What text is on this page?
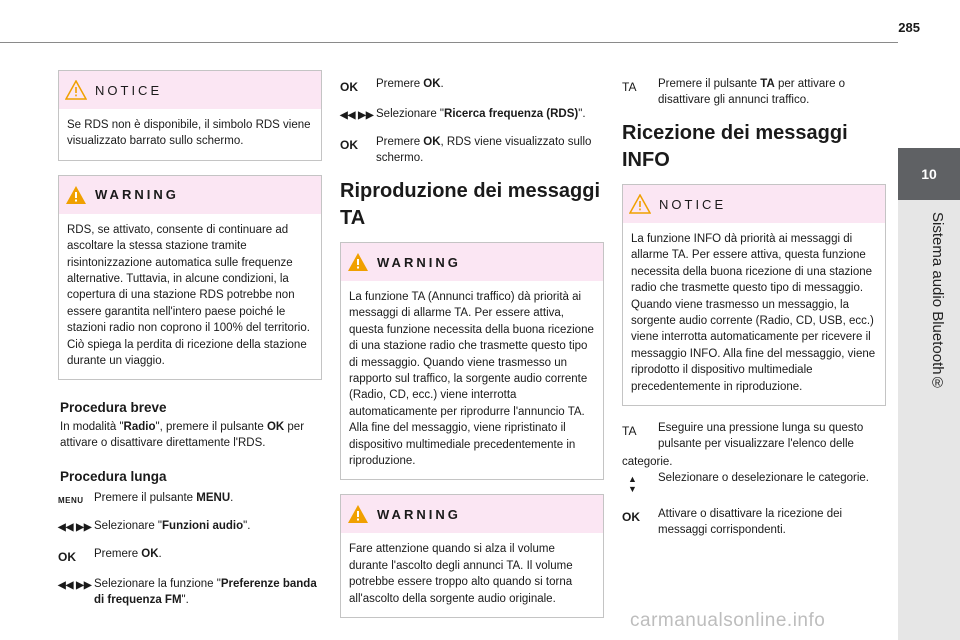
285
10
Sistema audio Bluetooth®
NOTICE
Se RDS non è disponibile, il simbolo RDS viene visualizzato barrato sullo schermo.
WARNING
RDS, se attivato, consente di continuare ad ascoltare la stessa stazione tramite risintonizzazione automatica sulle frequenze alternative. Tuttavia, in alcune condizioni, la copertura di una stazione RDS potrebbe non essere garantita nell'intero paese poiché le stazioni radio non coprono il 100% del territorio. Ciò spiega la perdita di ricezione della stazione durante un viaggio.
Procedura breve

In modalità "Radio", premere il pulsante OK per attivare o disattivare direttamente l'RDS.

Procedura lunga
MENU Premere il pulsante MENU.
◀◀ ▶▶ Selezionare "Funzioni audio".
OK	Premere OK.
◀◀ ▶▶ Selezionare la funzione "Preferenze banda di frequenza FM".
OK	Premere OK.
◀◀ ▶▶ Selezionare "Ricerca frequenza (RDS)".
OK	Premere OK, RDS viene visualizzato sullo schermo.
Riproduzione dei messaggi TA
WARNING
La funzione TA (Annunci traffico) dà priorità ai messaggi di allarme TA. Per essere attiva, questa funzione necessita della buona ricezione di una stazione radio che trasmette questo tipo di messaggio. Quando viene trasmesso un rapporto sul traffico, la sorgente audio corrente (Radio, CD, ecc.) viene interrotta automaticamente per riprodurre l'annuncio TA. Alla fine del messaggio, viene ripristinato il dispositivo multimediale precedentemente in riproduzione.
WARNING
Fare attenzione quando si alza il volume durante l'ascolto degli annunci TA. Il volume potrebbe essere troppo alto quando si torna all'ascolto della sorgente audio originale.
TA	Premere il pulsante TA per attivare o disattivare gli annunci traffico.
Ricezione dei messaggi INFO
NOTICE
La funzione INFO dà priorità ai messaggi di allarme TA. Per essere attiva, questa funzione necessita della buona ricezione di una stazione radio che trasmette questo tipo di messaggio. Quando viene trasmesso un messaggio, la sorgente audio corrente (Radio, CD, USB, ecc.) viene interrotta automaticamente per ricevere il messaggio INFO. Alla fine del messaggio, viene riprodotto il dispositivo multimediale precedentemente in riproduzione.
TA	Eseguire una pressione lunga su questo pulsante per visualizzare l'elenco delle
categorie.
▲
▼
Selezionare o deselezionare le categorie.
OK	Attivare o disattivare la ricezione dei messaggi corrispondenti.
carmanualsonline.info
